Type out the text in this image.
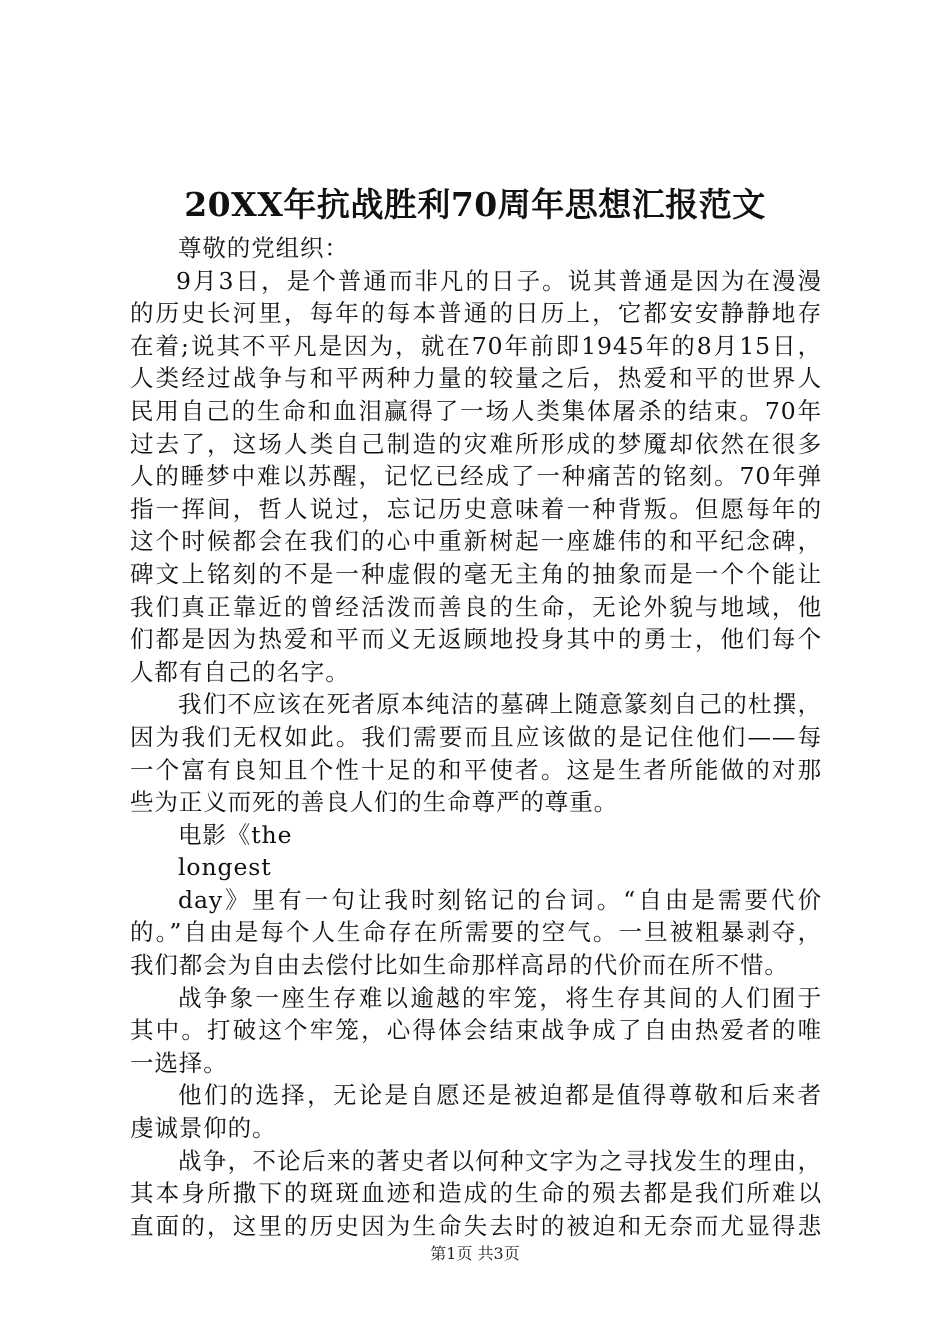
20XX年抗战胜利70周年思想汇报范文
尊敬的党组织：
9月3日，是个普通而非凡的日子。说其普通是因为在漫漫
的历史长河里，每年的每本普通的日历上，它都安安静静地存
在着;说其不平凡是因为，就在70年前即1945年的8月15日，
人类经过战争与和平两种力量的较量之后，热爱和平的世界人
民用自己的生命和血泪赢得了一场人类集体屠杀的结束。70年
过去了，这场人类自己制造的灾难所形成的梦魇却依然在很多
人的睡梦中难以苏醒，记忆已经成了一种痛苦的铭刻。70年弹
指一挥间，哲人说过，忘记历史意味着一种背叛。但愿每年的
这个时候都会在我们的心中重新树起一座雄伟的和平纪念碑，
碑文上铭刻的不是一种虚假的毫无主角的抽象而是一个个能让
我们真正靠近的曾经活泼而善良的生命，无论外貌与地域，他
们都是因为热爱和平而义无返顾地投身其中的勇士，他们每个
人都有自己的名字。
我们不应该在死者原本纯洁的墓碑上随意篆刻自己的杜撰，
因为我们无权如此。我们需要而且应该做的是记住他们——每
一个富有良知且个性十足的和平使者。这是生者所能做的对那
些为正义而死的善良人们的生命尊严的尊重。
电影《the
longest
day》里有一句让我时刻铭记的台词。“自由是需要代价
的。”自由是每个人生命存在所需要的空气。一旦被粗暴剥夺，
我们都会为自由去偿付比如生命那样高昂的代价而在所不惜。
战争象一座生存难以逾越的牢笼，将生存其间的人们囿于
其中。打破这个牢笼，心得体会结束战争成了自由热爱者的唯
一选择。
他们的选择，无论是自愿还是被迫都是值得尊敬和后来者
虔诚景仰的。
战争，不论后来的著史者以何种文字为之寻找发生的理由，
其本身所撒下的斑斑血迹和造成的生命的殒去都是我们所难以
直面的，这里的历史因为生命失去时的被迫和无奈而尤显得悲
第1页 共3页
